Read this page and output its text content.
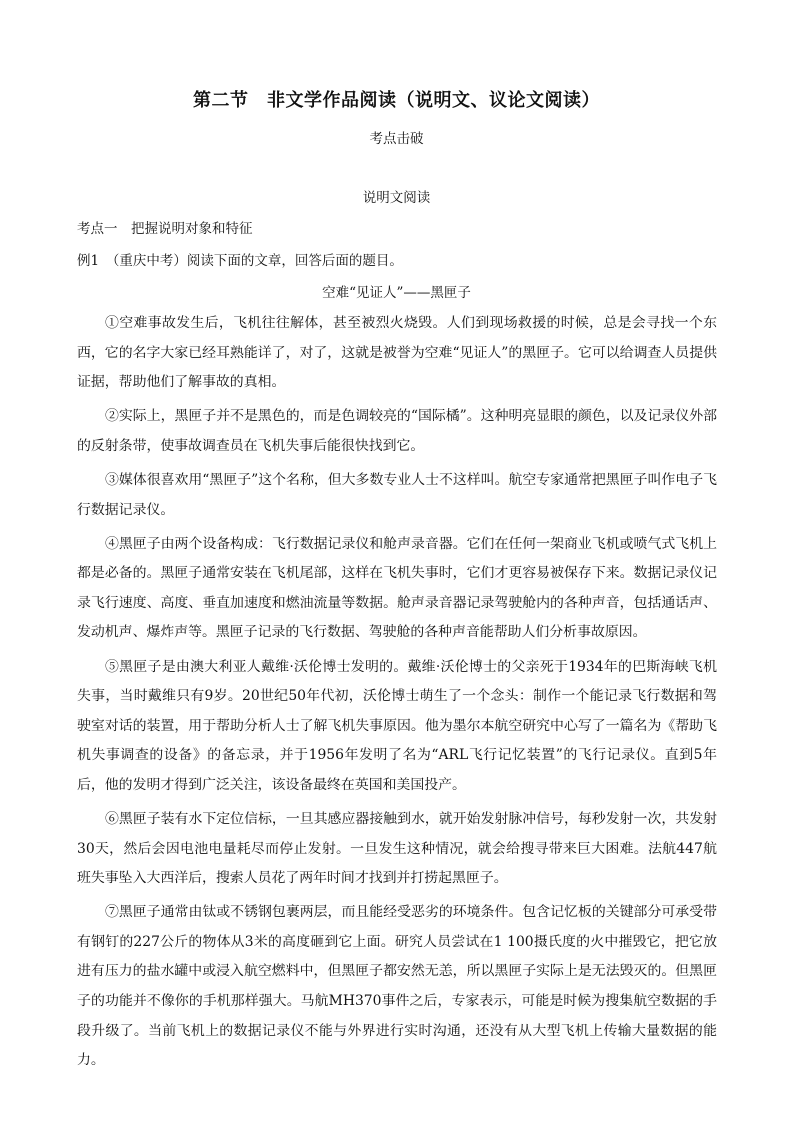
第二节　非文学作品阅读（说明文、议论文阅读）
考点击破
说明文阅读
考点一　把握说明对象和特征
例1　（重庆中考）阅读下面的文章，回答后面的题目。
空难“见证人”——黑匣子

①空难事故发生后，飞机往往解体，甚至被烈火烧毁。人们到现场救援的时候，总是会寻找一个东西，它的名字大家已经耳熟能详了，对了，这就是被誉为空难“见证人”的黑匣子。它可以给调查人员提供证据，帮助他们了解事故的真相。

②实际上，黑匣子并不是黑色的，而是色调较亮的“国际橘”。这种明亮显眼的颜色，以及记录仪外部的反射条带，使事故调查员在飞机失事后能很快找到它。

③媒体很喜欢用“黑匣子”这个名称，但大多数专业人士不这样叫。航空专家通常把黑匣子叫作电子飞行数据记录仪。

④黑匣子由两个设备构成：飞行数据记录仪和舱声录音器。它们在任何一架商业飞机或喷气式飞机上都是必备的。黑匣子通常安装在飞机尾部，这样在飞机失事时，它们才更容易被保存下来。数据记录仪记录飞行速度、高度、垂直加速度和燃油流量等数据。舱声录音器记录驾驶舱内的各种声音，包括通话声、发动机声、爆炸声等。黑匣子记录的飞行数据、驾驶舱的各种声音能帮助人们分析事故原因。

⑤黑匣子是由澳大利亚人戴维·沃伦博士发明的。戴维·沃伦博士的父亲死于1934年的巴斯海峡飞机失事，当时戴维只有9岁。20世纪50年代初，沃伦博士萌生了一个念头：制作一个能记录飞行数据和驾驶室对话的装置，用于帮助分析人士了解飞机失事原因。他为墨尔本航空研究中心写了一篇名为《帮助飞机失事调查的设备》的备忘录，并于1956年发明了名为“ARL飞行记忆装置”的飞行记录仪。直到5年后，他的发明才得到广泛关注，该设备最终在英国和美国投产。

⑥黑匣子装有水下定位信标，一旦其感应器接触到水，就开始发射脉冲信号，每秒发射一次，共发射30天，然后会因电池电量耗尽而停止发射。一旦发生这种情况，就会给搜寻带来巨大困难。法航447航班失事坠入大西洋后，搜索人员花了两年时间才找到并打捞起黑匣子。

⑦黑匣子通常由钛或不锈钢包裹两层，而且能经受恶劣的环境条件。包含记忆板的关键部分可承受带有钢钉的227公斤的物体从3米的高度砸到它上面。研究人员尝试在1 100摄氏度的火中摧毁它，把它放进有压力的盐水罐中或浸入航空燃料中，但黑匣子都安然无恙，所以黑匣子实际上是无法毁灭的。但黑匣子的功能并不像你的手机那样强大。马航MH370事件之后，专家表示，可能是时候为搜集航空数据的手段升级了。当前飞机上的数据记录仪不能与外界进行实时沟通，还没有从大型飞机上传输大量数据的能力。
